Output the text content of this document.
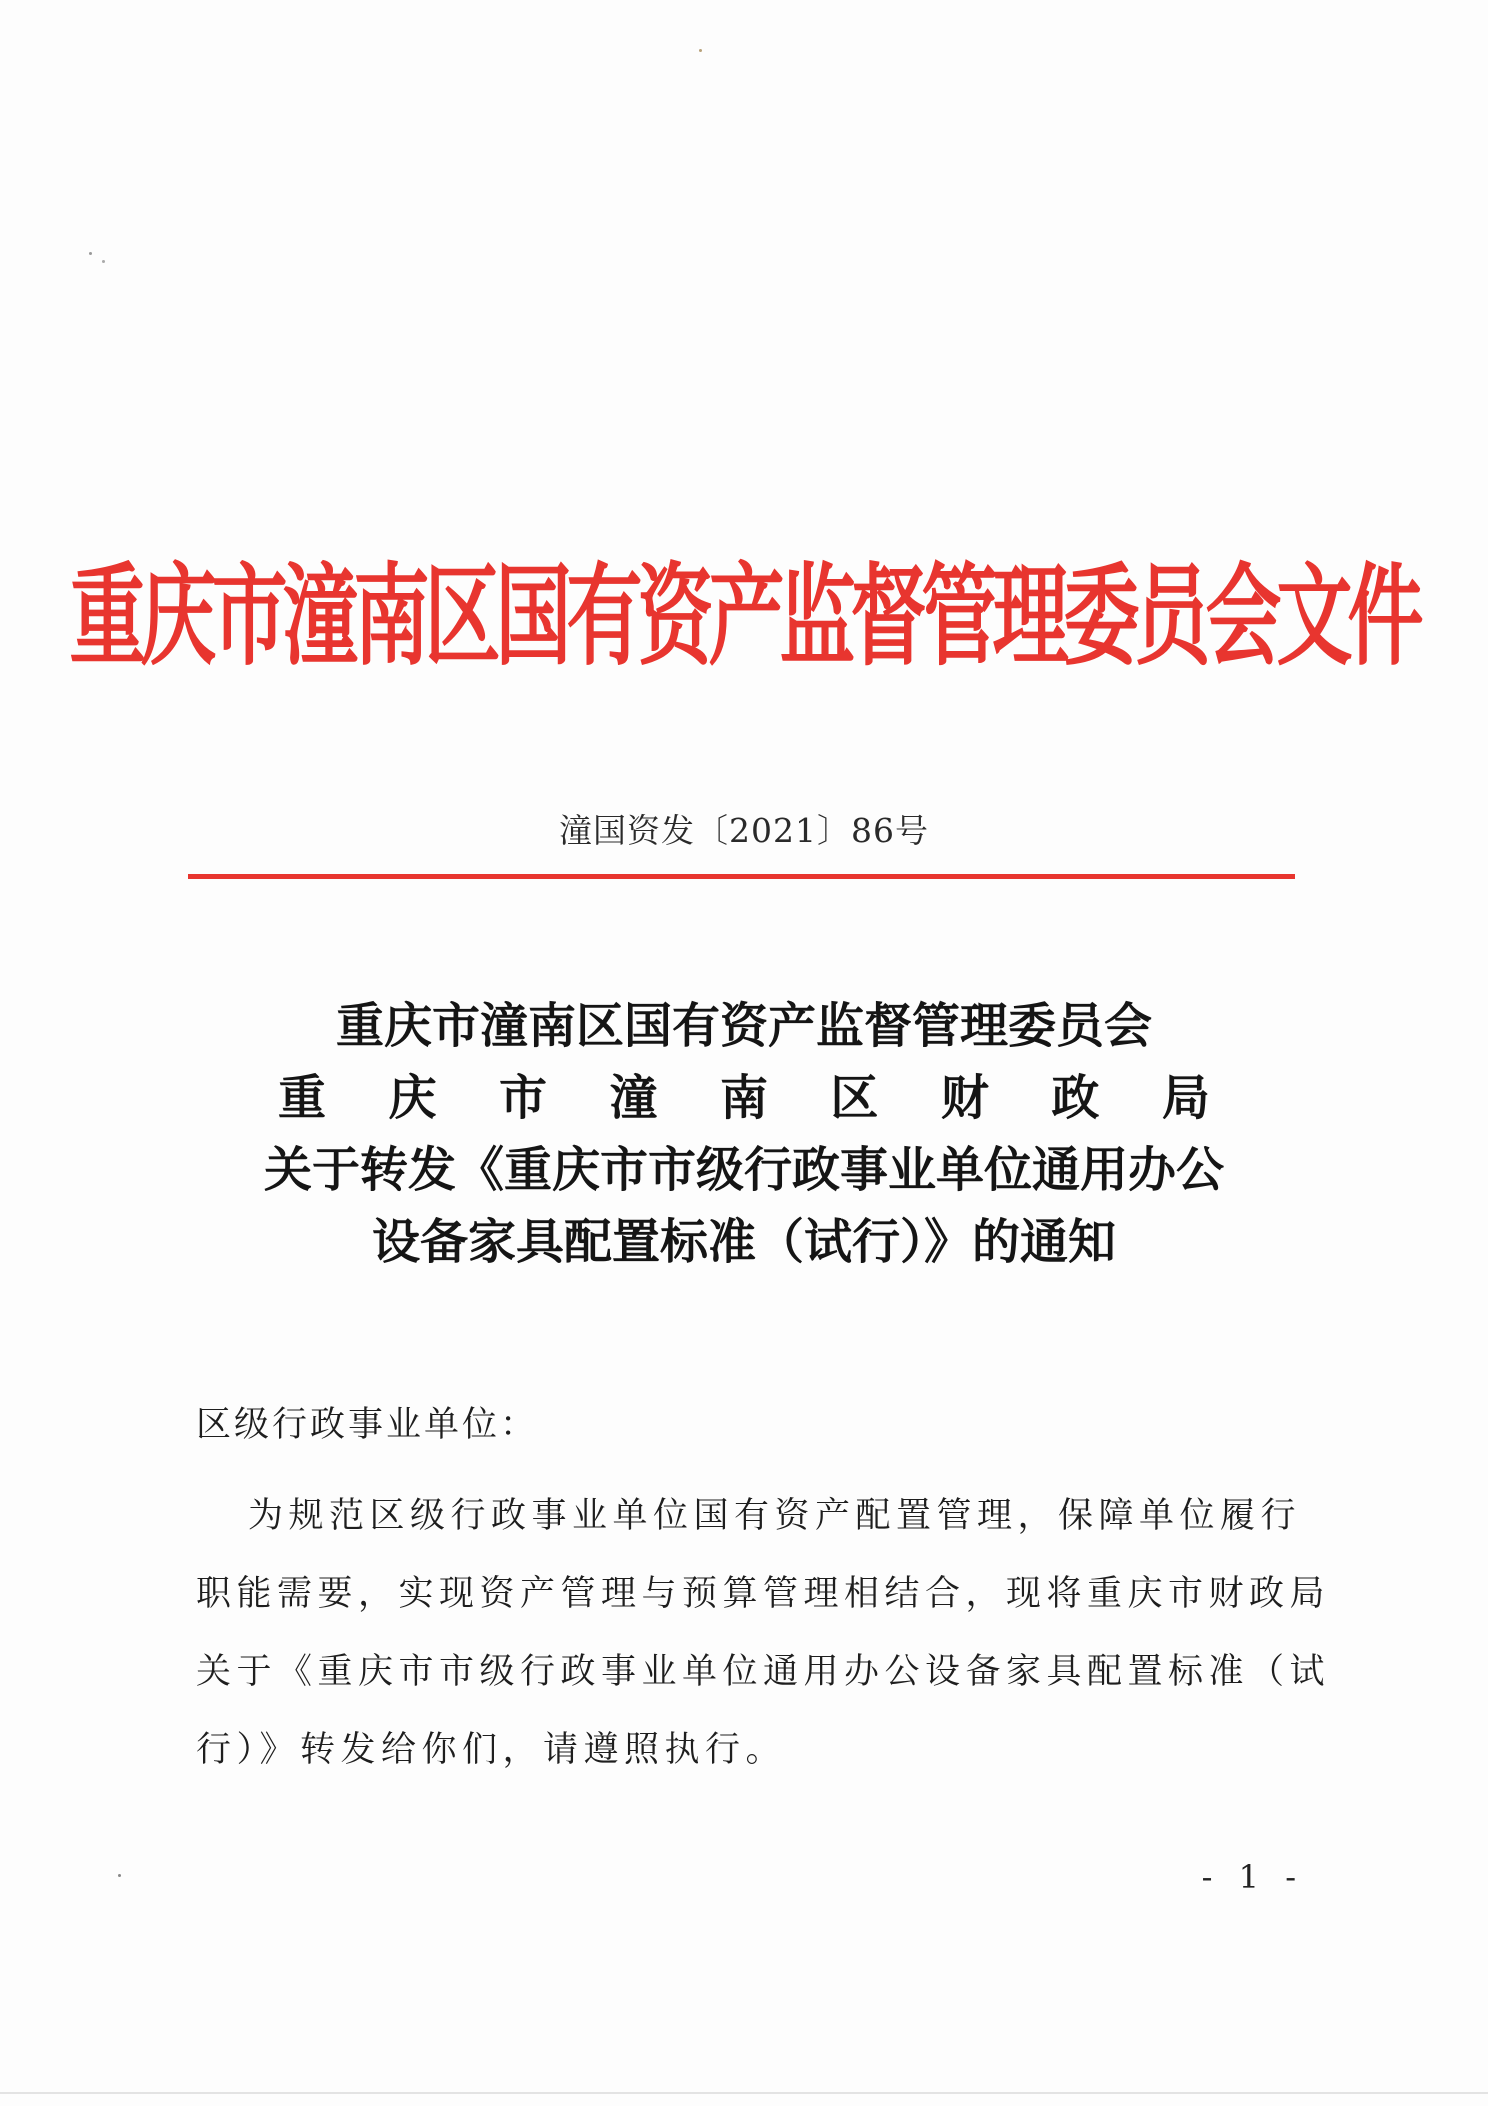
重庆市潼南区国有资产监督管理委员会文件
潼国资发〔2021〕86号
重庆市潼南区国有资产监督管理委员会
重 庆 市 潼 南 区 财 政 局
关于转发《重庆市市级行政事业单位通用办公
设备家具配置标准（试行）》的通知
区级行政事业单位：
为规范区级行政事业单位国有资产配置管理，保障单位履行
职能需要，实现资产管理与预算管理相结合，现将重庆市财政局
关于《重庆市市级行政事业单位通用办公设备家具配置标准（试
行）》转发给你们，请遵照执行。
- 1 -
